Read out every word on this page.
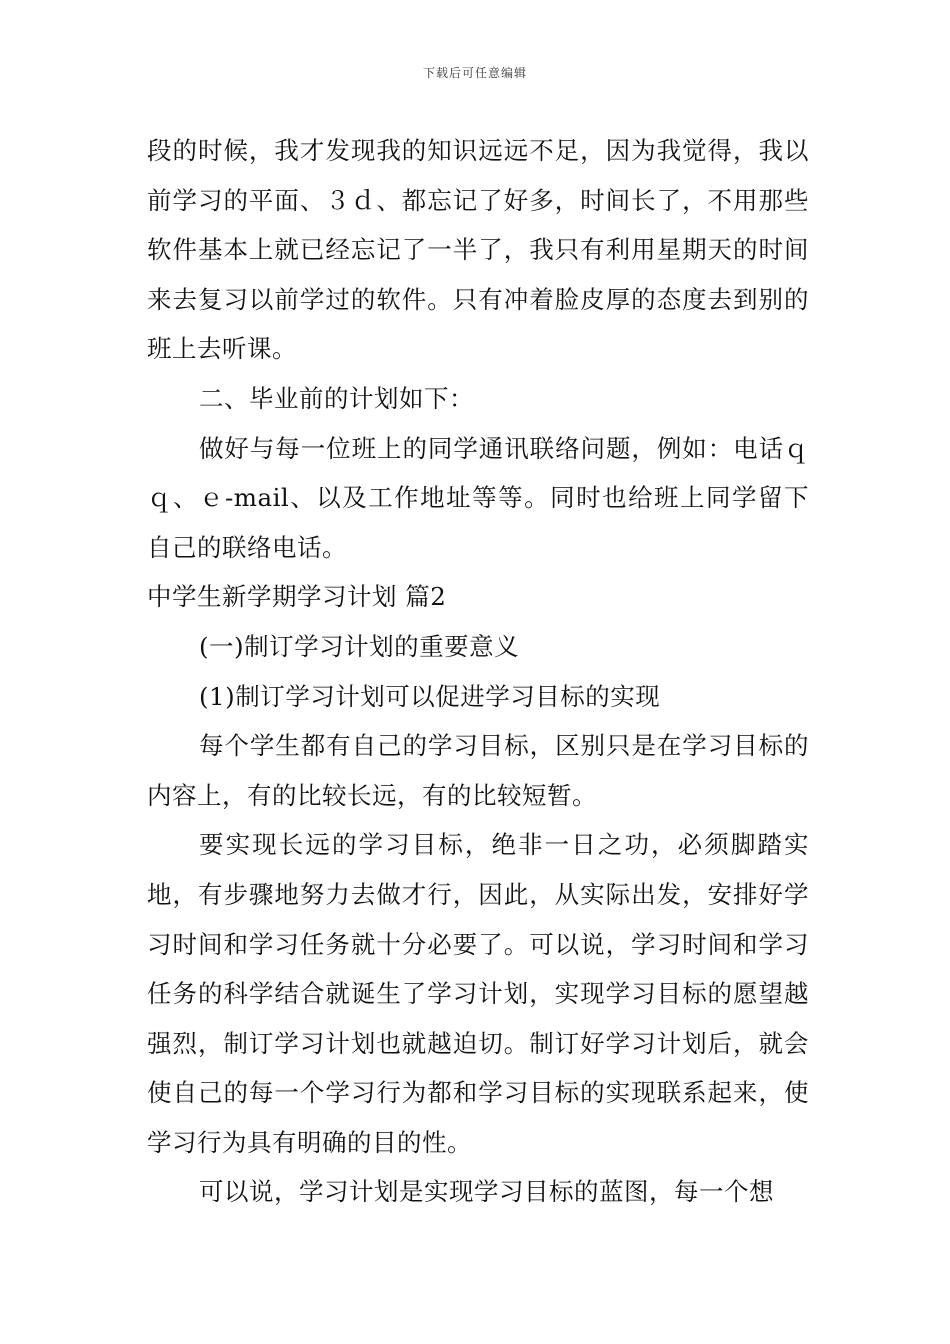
下载后可任意编辑

段的时候，我才发现我的知识远远不足，因为我觉得，我以前学习的平面、３ｄ、都忘记了好多，时间长了，不用那些软件基本上就已经忘记了一半了，我只有利用星期天的时间来去复习以前学过的软件。只有冲着脸皮厚的态度去到别的班上去听课。

二、毕业前的计划如下：

做好与每一位班上的同学通讯联络问题，例如：电话ｑｑ、ｅ-mail、以及工作地址等等。同时也给班上同学留下自己的联络电话。

中学生新学期学习计划 篇2

(一)制订学习计划的重要意义

(1)制订学习计划可以促进学习目标的实现

每个学生都有自己的学习目标，区别只是在学习目标的内容上，有的比较长远，有的比较短暂。

要实现长远的学习目标，绝非一日之功，必须脚踏实地，有步骤地努力去做才行，因此，从实际出发，安排好学习时间和学习任务就十分必要了。可以说，学习时间和学习任务的科学结合就诞生了学习计划，实现学习目标的愿望越强烈，制订学习计划也就越迫切。制订好学习计划后，就会使自己的每一个学习行为都和学习目标的实现联系起来，使学习行为具有明确的目的性。

可以说，学习计划是实现学习目标的蓝图，每一个想
